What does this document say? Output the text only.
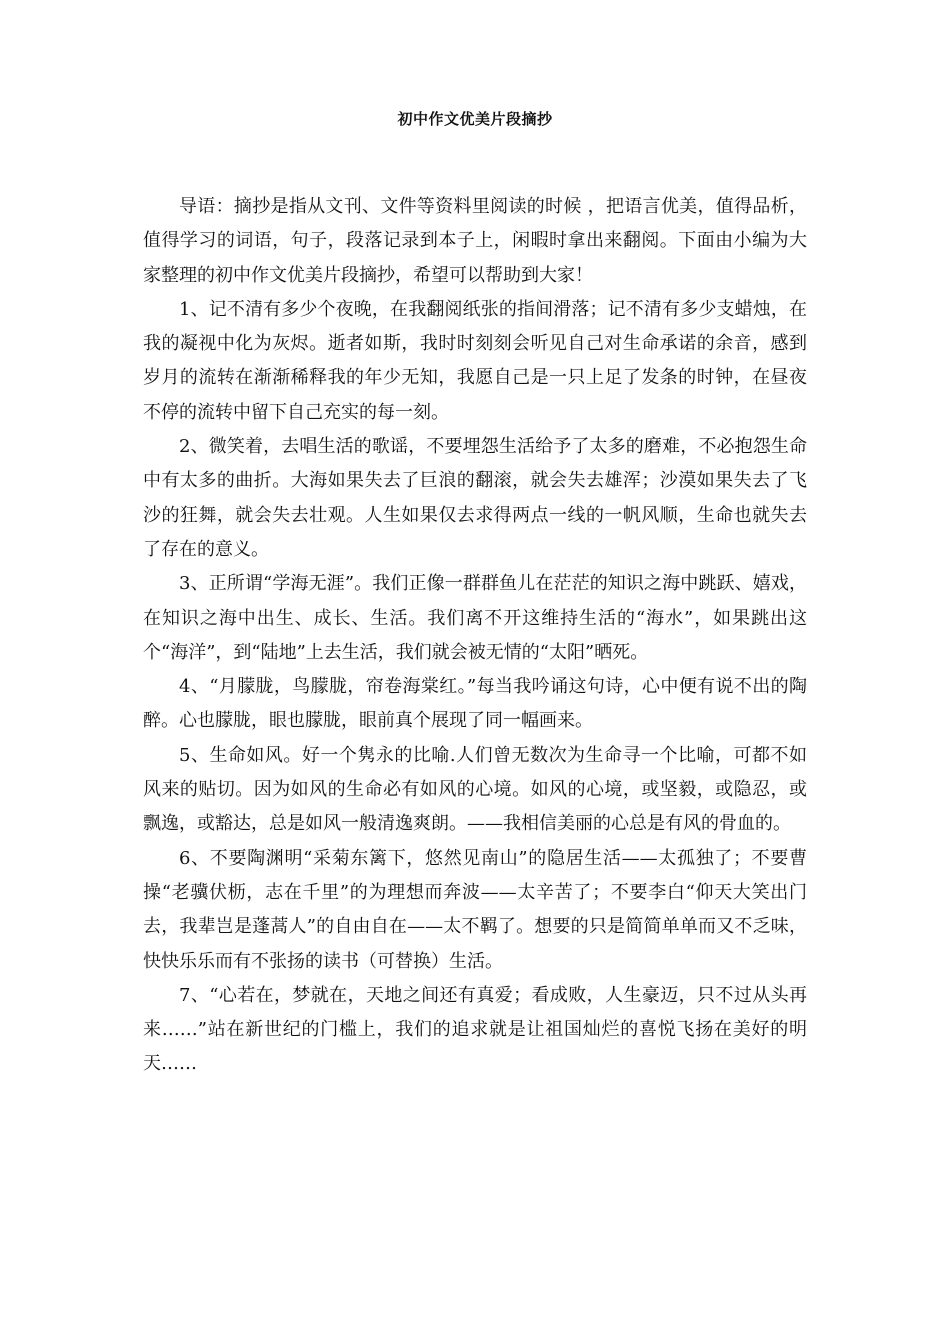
初中作文优美片段摘抄

导语：摘抄是指从文刊、文件等资料里阅读的时候 ，把语言优美，值得品析，值得学习的词语，句子，段落记录到本子上，闲暇时拿出来翻阅。下面由小编为大家整理的初中作文优美片段摘抄，希望可以帮助到大家！

1、记不清有多少个夜晚，在我翻阅纸张的指间滑落；记不清有多少支蜡烛，在我的凝视中化为灰烬。逝者如斯，我时时刻刻会听见自己对生命承诺的余音，感到岁月的流转在渐渐稀释我的年少无知，我愿自己是一只上足了发条的时钟，在昼夜不停的流转中留下自己充实的每一刻。

2、微笑着，去唱生活的歌谣，不要埋怨生活给予了太多的磨难，不必抱怨生命中有太多的曲折。大海如果失去了巨浪的翻滚，就会失去雄浑；沙漠如果失去了飞沙的狂舞，就会失去壮观。人生如果仅去求得两点一线的一帆风顺，生命也就失去了存在的意义。

3、正所谓“学海无涯”。我们正像一群群鱼儿在茫茫的知识之海中跳跃、嬉戏，在知识之海中出生、成长、生活。我们离不开这维持生活的“海水”，如果跳出这个“海洋”，到“陆地”上去生活，我们就会被无情的“太阳”晒死。

4、“月朦胧，鸟朦胧，帘卷海棠红。”每当我吟诵这句诗，心中便有说不出的陶醉。心也朦胧，眼也朦胧，眼前真个展现了同一幅画来。

5、生命如风。好一个隽永的比喻.人们曾无数次为生命寻一个比喻，可都不如风来的贴切。因为如风的生命必有如风的心境。如风的心境，或坚毅，或隐忍，或飘逸，或豁达，总是如风一般清逸爽朗。——我相信美丽的心总是有风的骨血的。

6、不要陶渊明“采菊东篱下，悠然见南山”的隐居生活——太孤独了；不要曹操“老骥伏枥，志在千里”的为理想而奔波——太辛苦了；不要李白“仰天大笑出门去，我辈岂是蓬蒿人”的自由自在——太不羁了。想要的只是简简单单而又不乏味，快快乐乐而有不张扬的读书（可替换）生活。

7、“心若在，梦就在，天地之间还有真爱；看成败，人生豪迈，只不过从头再来……”站在新世纪的门槛上，我们的追求就是让祖国灿烂的喜悦飞扬在美好的明天……
